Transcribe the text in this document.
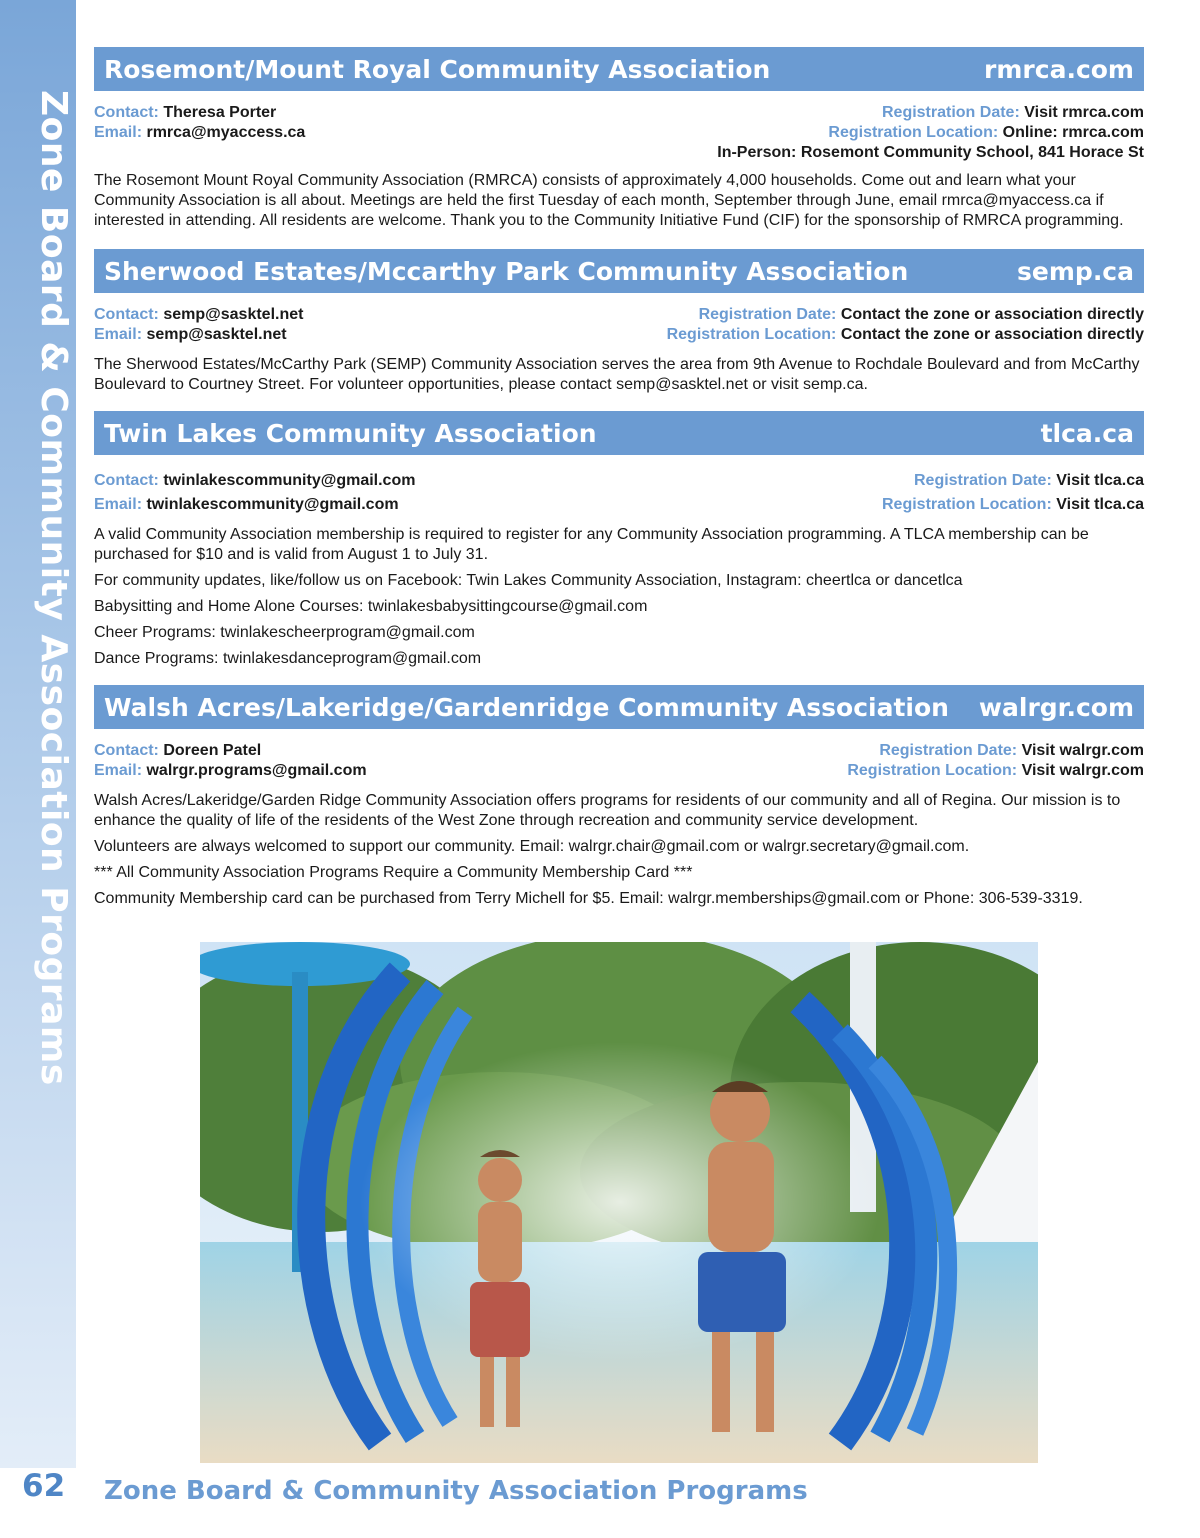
Zone Board & Community Association Programs
Rosemont/Mount Royal Community Association	rmrca.com
Contact: Theresa Porter
Email: rmrca@myaccess.ca
Registration Date: Visit rmrca.com
Registration Location: Online: rmrca.com
In-Person: Rosemont Community School, 841 Horace St
The Rosemont Mount Royal Community Association (RMRCA) consists of approximately 4,000 households. Come out and learn what your Community Association is all about. Meetings are held the first Tuesday of each month, September through June, email rmrca@myaccess.ca if interested in attending. All residents are welcome. Thank you to the Community Initiative Fund (CIF) for the sponsorship of RMRCA programming.
Sherwood Estates/Mccarthy Park Community Association	semp.ca
Contact: semp@sasktel.net
Email: semp@sasktel.net
Registration Date: Contact the zone or association directly
Registration Location: Contact the zone or association directly
The Sherwood Estates/McCarthy Park (SEMP) Community Association serves the area from 9th Avenue to Rochdale Boulevard and from McCarthy Boulevard to Courtney Street. For volunteer opportunities, please contact semp@sasktel.net or visit semp.ca.
Twin Lakes Community Association	tlca.ca
Contact: twinlakescommunity@gmail.com
Email: twinlakescommunity@gmail.com
Registration Date: Visit tlca.ca
Registration Location: Visit tlca.ca
A valid Community Association membership is required to register for any Community Association programming. A TLCA membership can be purchased for $10 and is valid from August 1 to July 31.
For community updates, like/follow us on Facebook: Twin Lakes Community Association, Instagram: cheertlca or dancetlca
Babysitting and Home Alone Courses: twinlakesbabysittingcourse@gmail.com
Cheer Programs: twinlakescheerprogram@gmail.com
Dance Programs: twinlakesdanceprogram@gmail.com
Walsh Acres/Lakeridge/Gardenridge Community Association walrgr.com
Contact: Doreen Patel
Email: walrgr.programs@gmail.com
Registration Date: Visit walrgr.com
Registration Location: Visit walrgr.com
Walsh Acres/Lakeridge/Garden Ridge Community Association offers programs for residents of our community and all of Regina. Our mission is to enhance the quality of life of the residents of the West Zone through recreation and community service development.
Volunteers are always welcomed to support our community. Email: walrgr.chair@gmail.com or walrgr.secretary@gmail.com.
*** All Community Association Programs Require a Community Membership Card ***
Community Membership card can be purchased from Terry Michell for $5. Email: walrgr.memberships@gmail.com or Phone: 306-539-3319.
62 Zone Board & Community Association Programs
